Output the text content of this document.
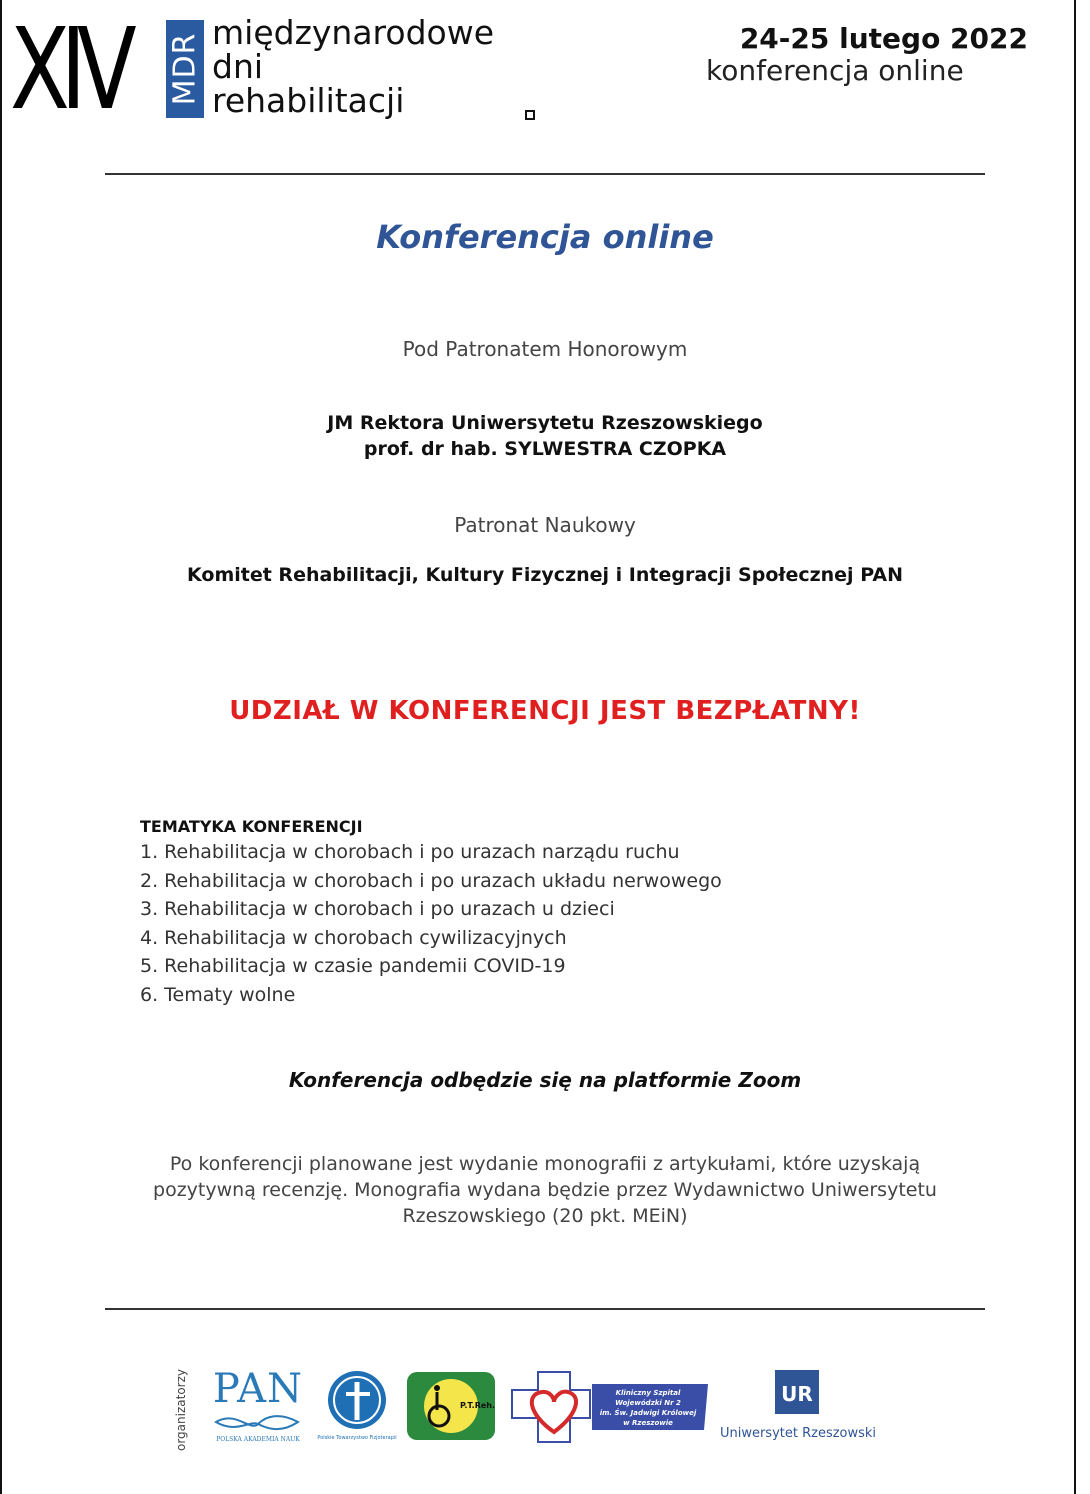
XIV MDR
międzynarodowe
dni
rehabilitacji
24-25 lutego 2022
konferencja online
Konferencja online
Pod Patronatem Honorowym
JM Rektora Uniwersytetu Rzeszowskiego
prof. dr hab. SYLWESTRA CZOPKA
Patronat Naukowy
Komitet Rehabilitacji, Kultury Fizycznej i Integracji Społecznej PAN
UDZIAŁ W KONFERENCJI JEST BEZPŁATNY!
TEMATYKA KONFERENCJI
1. Rehabilitacja w chorobach i po urazach narządu ruchu
2. Rehabilitacja w chorobach i po urazach układu nerwowego
3. Rehabilitacja w chorobach i po urazach u dzieci
4. Rehabilitacja w chorobach cywilizacyjnych
5. Rehabilitacja w czasie pandemii COVID-19
6. Tematy wolne
Konferencja odbędzie się na platformie Zoom
Po konferencji planowane jest wydanie monografii z artykułami, które uzyskają
pozytywną recenzję. Monografia wydana będzie przez Wydawnictwo Uniwersytetu
Rzeszowskiego (20 pkt. MEiN)
organizatorzy PAN
POLSKA AKADEMIA NAUK	Polskie Towarzystwo Fizjoterapii
P.T.Reh.
Kliniczny Szpital
Wojewódzki Nr 2
im. Św. Jadwigi Królowej
w Rzeszowie
UR
Uniwersytet Rzeszowski
